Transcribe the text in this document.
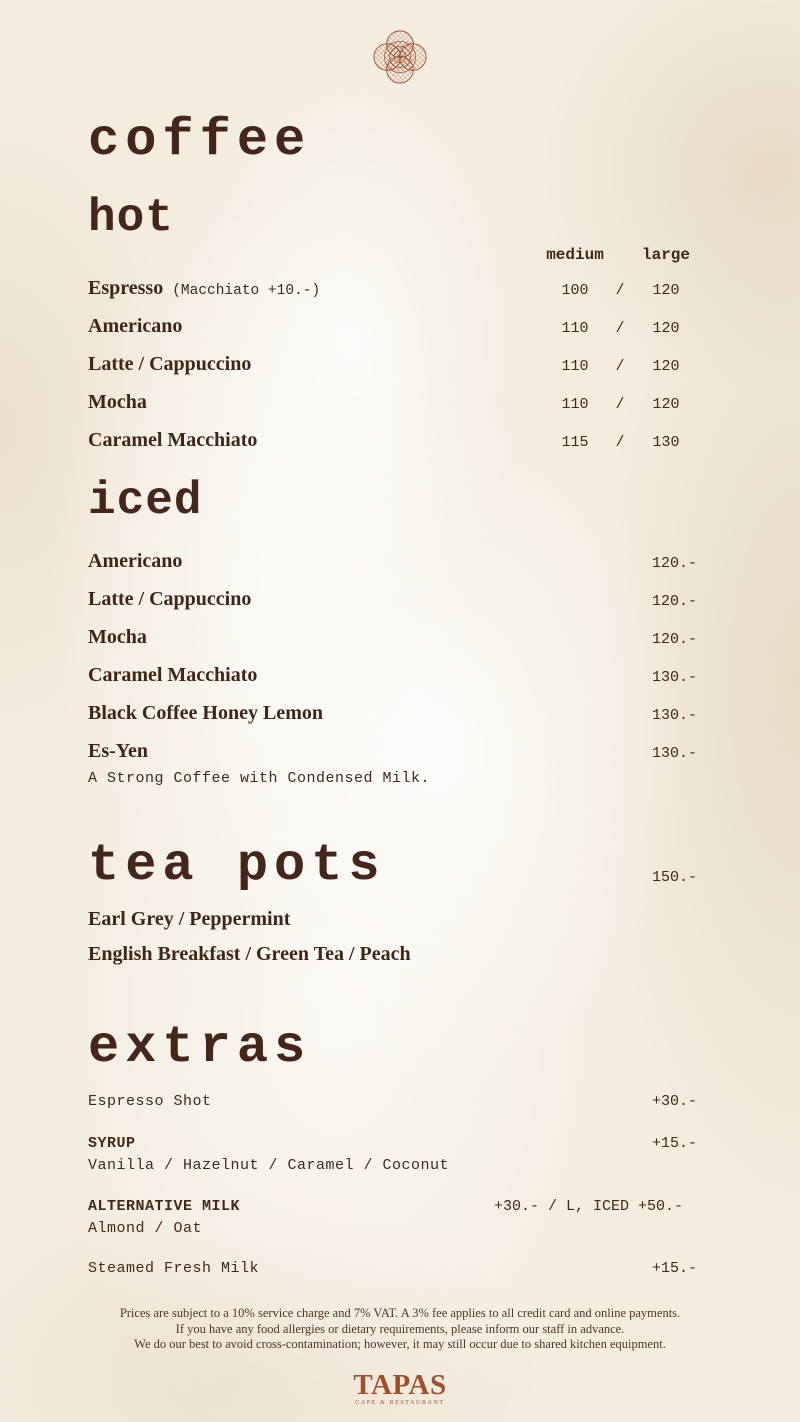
coffee
hot
medium	large
Espresso (Macchiato +10.-)	100	/	120
Americano	110	/	120
Latte / Cappuccino	110	/	120
Mocha	110	/	120
Caramel Macchiato	115	/	130
iced
Americano	120.-
Latte / Cappuccino	120.-
Mocha	120.-
Caramel Macchiato	130.-
Black Coffee Honey Lemon	130.-
Es-Yen	130.-
A Strong Coffee with Condensed Milk.
tea pots	150.-
Earl Grey / Peppermint
English Breakfast / Green Tea / Peach
extras
Espresso Shot	+30.-
SYRUP	+15.-
Vanilla / Hazelnut / Caramel / Coconut
ALTERNATIVE MILK	+30.- / L, ICED +50.-
Almond / Oat
Steamed Fresh Milk	+15.-

Prices are subject to a 10% service charge and 7% VAT. A 3% fee applies to all credit card and online payments.

If you have any food allergies or dietary requirements, please inform our staff in advance.

We do our best to avoid cross-contamination; however, it may still occur due to shared kitchen equipment.

TAPAS
CAFE & RESTAURANT
